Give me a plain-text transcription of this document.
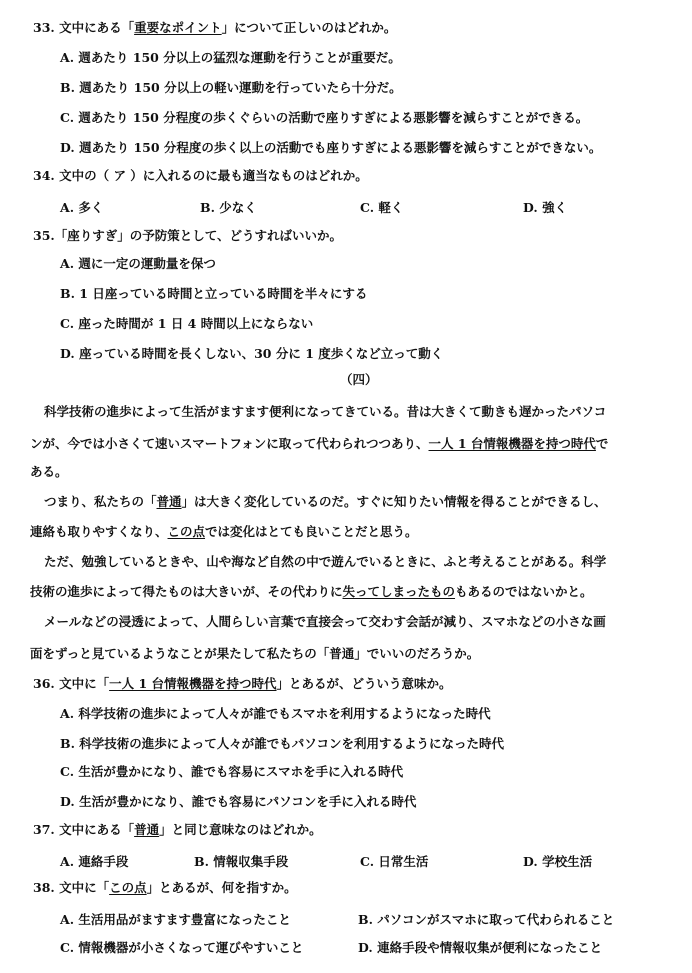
33. 文中にある「重要なポイント」について正しいのはどれか。
A. 週あたり 150 分以上の猛烈な運動を行うことが重要だ。
B. 週あたり 150 分以上の軽い運動を行っていたら十分だ。
C. 週あたり 150 分程度の歩くぐらいの活動で座りすぎによる悪影響を減らすことができる。
D. 週あたり 150 分程度の歩く以上の活動でも座りすぎによる悪影響を減らすことができない。
34. 文中の（ ア ）に入れるのに最も適当なものはどれか。
A. 多く	B. 少なく	C. 軽く	D. 強く
35.「座りすぎ」の予防策として、どうすればいいか。
A. 週に一定の運動量を保つ
B. 1 日座っている時間と立っている時間を半々にする
C. 座った時間が 1 日 4 時間以上にならない
D. 座っている時間を長くしない、30 分に 1 度歩くなど立って動く
（四）
科学技術の進歩によって生活がますます便利になってきている。昔は大きくて動きも遅かったパソコ
ンが、今では小さくて速いスマートフォンに取って代わられつつあり、一人 1 台情報機器を持つ時代で
ある。
つまり、私たちの「普通」は大きく変化しているのだ。すぐに知りたい情報を得ることができるし、
連絡も取りやすくなり、この点では変化はとても良いことだと思う。
ただ、勉強しているときや、山や海など自然の中で遊んでいるときに、ふと考えることがある。科学
技術の進歩によって得たものは大きいが、その代わりに失ってしまったものもあるのではないかと。
メールなどの浸透によって、人間らしい言葉で直接会って交わす会話が減り、スマホなどの小さな画
面をずっと見ているようなことが果たして私たちの「普通」でいいのだろうか。
36. 文中に「一人 1 台情報機器を持つ時代」とあるが、どういう意味か。
A. 科学技術の進歩によって人々が誰でもスマホを利用するようになった時代
B. 科学技術の進歩によって人々が誰でもパソコンを利用するようになった時代
C. 生活が豊かになり、誰でも容易にスマホを手に入れる時代
D. 生活が豊かになり、誰でも容易にパソコンを手に入れる時代
37. 文中にある「普通」と同じ意味なのはどれか。
A. 連絡手段	B. 情報収集手段	C. 日常生活	D. 学校生活
38. 文中に「この点」とあるが、何を指すか。
A. 生活用品がますます豊富になったこと	B. パソコンがスマホに取って代わられること
C. 情報機器が小さくなって運びやすいこと	D. 連絡手段や情報収集が便利になったこと
